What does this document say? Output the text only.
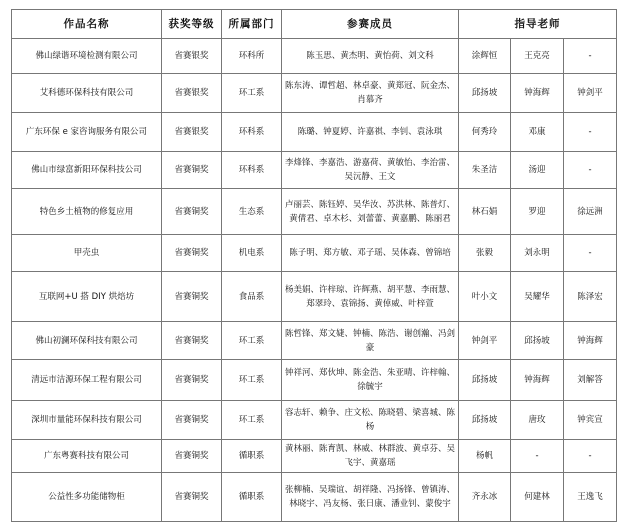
作品名称	获奖等级	所属部门	参赛成员	指导老师		
佛山绿谐环境检测有限公司	省赛银奖	环科所	陈玉思、黄杰明、黄怡荷、刘文科	涂辉恒	王克亮	-
艾科德环保科技有限公司	省赛银奖	环工系	陈东涛、谭哲超、林卓豪、黄郑冠、阮金杰、肖慕齐	邱扬坡	钟海辉	钟剑平
广东环保 e 家咨询服务有限公司	省赛银奖	环科系	陈璐、钟夏婷、许嘉祺、李钊、袁泳琪	何秀玲	邓康	-
佛山市绿富新阳环保科技公司	省赛铜奖	环科系	李烽锋、李嘉浩、游嘉荷、黄敏怡、李治雷、吴沅静、王文	朱圣洁	汤迎	-
特色乡土植物的修复应用	省赛铜奖	生态系	卢丽芸、陈钰婷、吴华汝、苏洪林、陈普灯、黄倩君、卓木杉、刘蕾蕾、黄嘉鹏、陈丽君	林石娟	罗迎	徐远洲
甲壳虫	省赛铜奖	机电系	陈子明、郑方敏、邓子瑶、吴体森、曾锦培	张毅	刘永明	-
互联网+U 搭 DIY 烘焙坊	省赛铜奖	食品系	杨美娟、许梓琼、许辉燕、胡平慧、李雨慧、郑翠玲、袁锦扬、黄倬威、叶梓萱	叶小文	吴耀华	陈泽宏
佛山初澜环保科技有限公司	省赛铜奖	环工系	陈哲锋、郑文婕、钟楠、陈浩、谢创瀚、冯剑豪	钟剑平	邱扬坡	钟海辉
清远市洁源环保工程有限公司	省赛铜奖	环工系	钟祥河、郑伙坤、陈金浩、朱亚晴、许梓翰、徐毓宇	邱扬坡	钟海辉	刘解答
深圳市量能环保科技有限公司	省赛铜奖	环工系	容志轩、赖争、庄文松、陈晓碧、梁喜城、陈杨	邱扬坡	唐玫	钟宾宣
广东粤赛科技有限公司	省赛铜奖	循职系	黄林丽、陈育凯、林威、林群波、黄卓芬、吴飞宇、黄嘉瑶	杨帆	-	-
公益性多功能储物柜	省赛铜奖	循职系	张柳楠、吴瑞谊、胡祥隆、冯扬锋、曾镇涛、林晓宇、冯友杨、张日康、潘业钊、蒙俊宇	齐永冰	何建林	王逸飞
